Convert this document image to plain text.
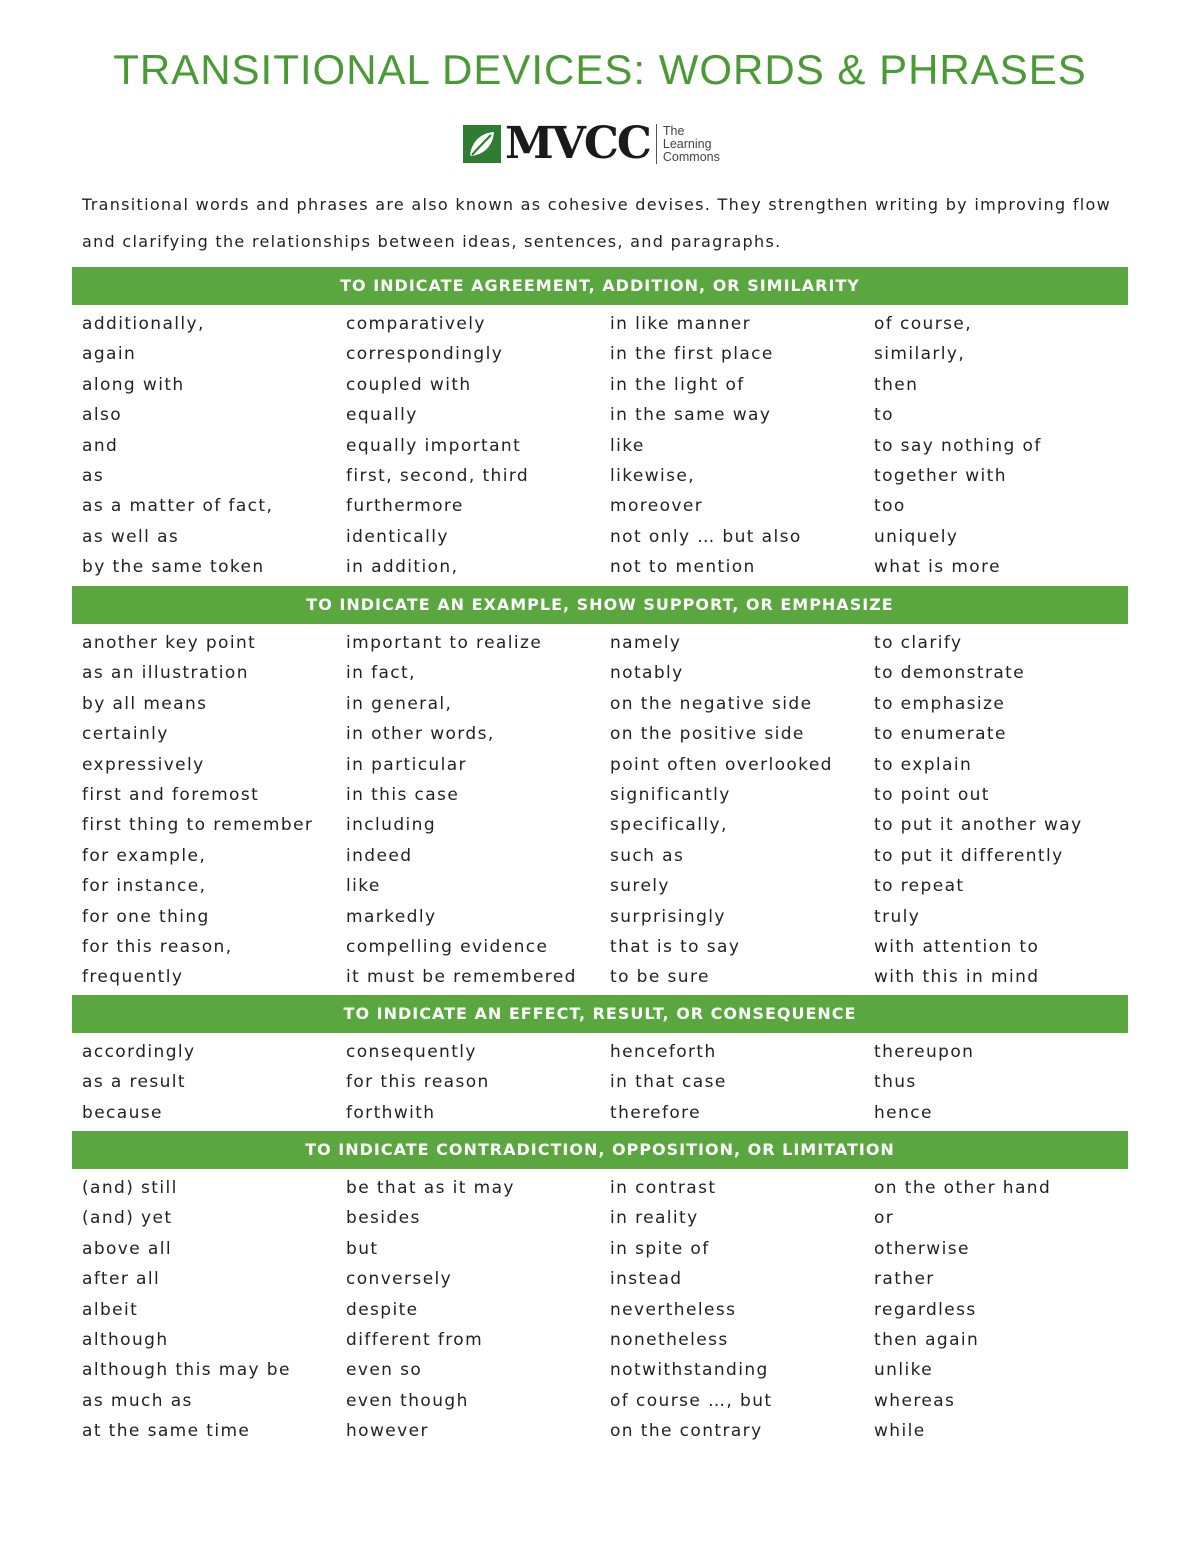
TRANSITIONAL DEVICES: WORDS & PHRASES
MVCC The
Learning
Commons
Transitional words and phrases are also known as cohesive devises. They strengthen writing by improving flow and clarifying the relationships between ideas, sentences, and paragraphs.
TO INDICATE AGREEMENT, ADDITION, OR SIMILARITY
additionally,	comparatively	in like manner	of course,
again	correspondingly	in the first place	similarly,
along with	coupled with	in the light of	then
also	equally	in the same way	to
and	equally important	like	to say nothing of
as	first, second, third	likewise,	together with
as a matter of fact,	furthermore	moreover	too
as well as	identically	not only … but also	uniquely
by the same token	in addition,	not to mention	what is more
TO INDICATE AN EXAMPLE, SHOW SUPPORT, OR EMPHASIZE
another key point	important to realize	namely	to clarify
as an illustration	in fact,	notably	to demonstrate
by all means	in general,	on the negative side	to emphasize
certainly	in other words,	on the positive side	to enumerate
expressively	in particular	point often overlooked	to explain
first and foremost	in this case	significantly	to point out
first thing to remember	including	specifically,	to put it another way
for example,	indeed	such as	to put it differently
for instance,	like	surely	to repeat
for one thing	markedly	surprisingly	truly
for this reason,	compelling evidence	that is to say	with attention to
frequently	it must be remembered	to be sure	with this in mind
TO INDICATE AN EFFECT, RESULT, OR CONSEQUENCE
accordingly	consequently	henceforth	thereupon
as a result	for this reason	in that case	thus
because	forthwith	therefore	hence
TO INDICATE CONTRADICTION, OPPOSITION, OR LIMITATION
(and) still	be that as it may	in contrast	on the other hand
(and) yet	besides	in reality	or
above all	but	in spite of	otherwise
after all	conversely	instead	rather
albeit	despite	nevertheless	regardless
although	different from	nonetheless	then again
although this may be	even so	notwithstanding	unlike
as much as	even though	of course …, but	whereas
at the same time	however	on the contrary	while
